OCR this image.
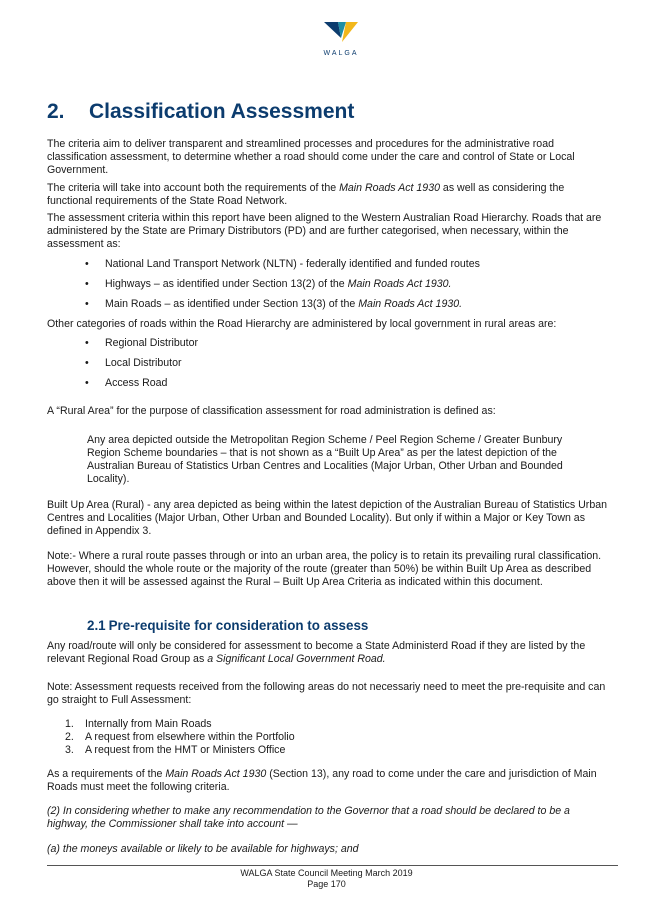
WALGA
2. Classification Assessment

The criteria aim to deliver transparent and streamlined processes and procedures for the administrative road classification assessment, to determine whether a road should come under the care and control of State or Local Government.

The criteria will take into account both the requirements of the Main Roads Act 1930 as well as considering the functional requirements of the State Road Network.

The assessment criteria within this report have been aligned to the Western Australian Road Hierarchy. Roads that are administered by the State are Primary Distributors (PD) and are further categorised, when necessary, within the assessment as:

• National Land Transport Network (NLTN) - federally identified and funded routes
• Highways – as identified under Section 13(2) of the Main Roads Act 1930.
• Main Roads – as identified under Section 13(3) of the Main Roads Act 1930.

Other categories of roads within the Road Hierarchy are administered by local government in rural areas are:

• Regional Distributor
• Local Distributor
• Access Road

A “Rural Area” for the purpose of classification assessment for road administration is defined as:

Any area depicted outside the Metropolitan Region Scheme / Peel Region Scheme / Greater Bunbury Region Scheme boundaries – that is not shown as a “Built Up Area” as per the latest depiction of the Australian Bureau of Statistics Urban Centres and Localities (Major Urban, Other Urban and Bounded Locality).

Built Up Area (Rural) - any area depicted as being within the latest depiction of the Australian Bureau of Statistics Urban Centres and Localities (Major Urban, Other Urban and Bounded Locality). But only if within a Major or Key Town as defined in Appendix 3.

Note:- Where a rural route passes through or into an urban area, the policy is to retain its prevailing rural classification. However, should the whole route or the majority of the route (greater than 50%) be within Built Up Area as described above then it will be assessed against the Rural – Built Up Area Criteria as indicated within this document.

2.1 Pre-requisite for consideration to assess

Any road/route will only be considered for assessment to become a State Administerd Road if they are listed by the relevant Regional Road Group as a Significant Local Government Road.

Note: Assessment requests received from the following areas do not necessariy need to meet the pre-requisite and can go straight to Full Assessment:

1. Internally from Main Roads
2. A request from elsewhere within the Portfolio
3. A request from the HMT or Ministers Office

As a requirements of the Main Roads Act 1930 (Section 13), any road to come under the care and jurisdiction of Main Roads must meet the following criteria.

(2) In considering whether to make any recommendation to the Governor that a road should be declared to be a highway, the Commissioner shall take into account —

(a) the moneys available or likely to be available for highways; and

WALGA State Council Meeting March 2019
Page 170
